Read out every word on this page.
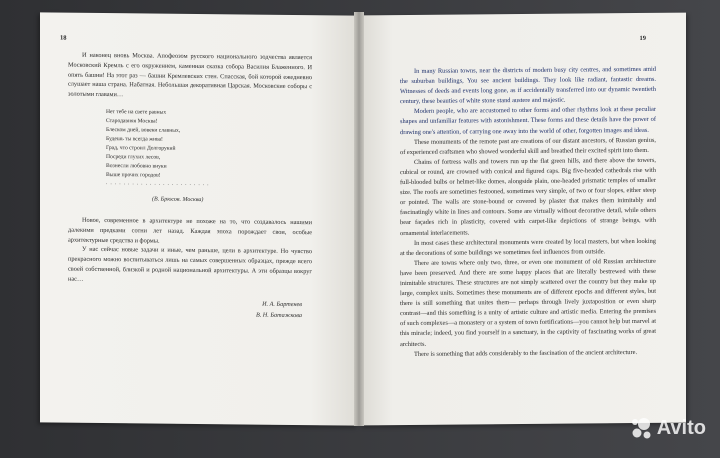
18

И наконец вновь Москва. Апофеозом русского национального зодчества является Московский Кремль с его окружением, каменная сказка собора Василия Блаженного. И опять башни! На этот раз — башни Кремлевских стен. Спасская, бой которой ежедневно слушает наша страна. Набатная. Небольшая декоративная Царская. Московские соборы с золотыми главами…

Нет тебе на свете равных
Стародавняя Москва!
Блеском дней, вовеки славных,
Будешь ты всегда жива!
Град, что строил Долгорукий
Посреди глухих лесов,
Вознесли любовно внуки
Выше прочих городов!
. . . . . . . . . . . . . . . . . . . . . . . .
(В. Брюсов. Москва)

Новое, современное в архитектуре не похоже на то, что создавалось нашими далекими предками сотни лет назад. Каждая эпоха порождает свои, особые архитектурные средства и формы.

У нас сейчас новые задачи и иные, чем раньше, цели в архитектуре. Но чувство прекрасного можно воспитываться лишь на самых совершенных образцах, прежде всего своей собственной, близкой и родной национальной архитектуры. А эти образцы вокруг нас…

И. А. Бартенев
В. Н. Батажкова
19

In many Russian towns, near the districts of modern busy city centres, and sometimes amid the suburban buildings, You see ancient buildings. They look like radiant, fantastic dreams. Witnesses of deeds and events long gone, as if accidentally transferred into our dynamic twentieth century, these beauties of white stone stand austere and majestic.

Modern people, who are accustomed to other forms and other rhythms look at these peculiar shapes and unfamiliar features with astonishment. These forms and these details have the power of drawing one's attention, of carrying one away into the world of other, forgotten images and ideas.

These monuments of the remote past are creations of our distant ancestors, of Russian genius, of experienced craftsmen who showed wonderful skill and breathed their excited spirit into them.

Chains of fortress walls and towers run up the flat green hills, and there above the towers, cubical or round, are crowned with conical and figured caps. Big five-headed cathedrals rise with full-blooded bulbs or helmet-like domes, alongside plain, one-headed prismatic temples of smaller size. The roofs are sometimes festooned, sometimes very simple, of two or four slopes, either steep or pointed. The walls are stone-bound or covered by plaster that makes them inimitably and fascinatingly white in lines and contours. Some are virtually without decorative detail, while others bear façades rich in plasticity, covered with carpet-like depictions of strange beings, with ornamental interlacements.

In most cases these architectural monuments were created by local masters, but when looking at the decorations of some buildings we sometimes feel influences from outside.

There are towns where only two, three, or even one monument of old Russian architecture have been preserved. And there are some happy places that are literally bestrewed with these inimitable structures. These structures are not simply scattered over the country but they make up large, complex units. Sometimes these monuments are of different epochs and different styles, but there is still something that unites them— perhaps through lively juxtaposition or even sharp contrast—and this something is a unity of artistic culture and artistic media. Entering the premises of such complexes—a monastery or a system of town fortifications—you cannot help but marvel at this miracle; indeed, you find yourself in a sanctuary, in the captivity of fascinating works of great architects.

There is something that adds considerably to the fascination of the ancient architecture.

Avito
